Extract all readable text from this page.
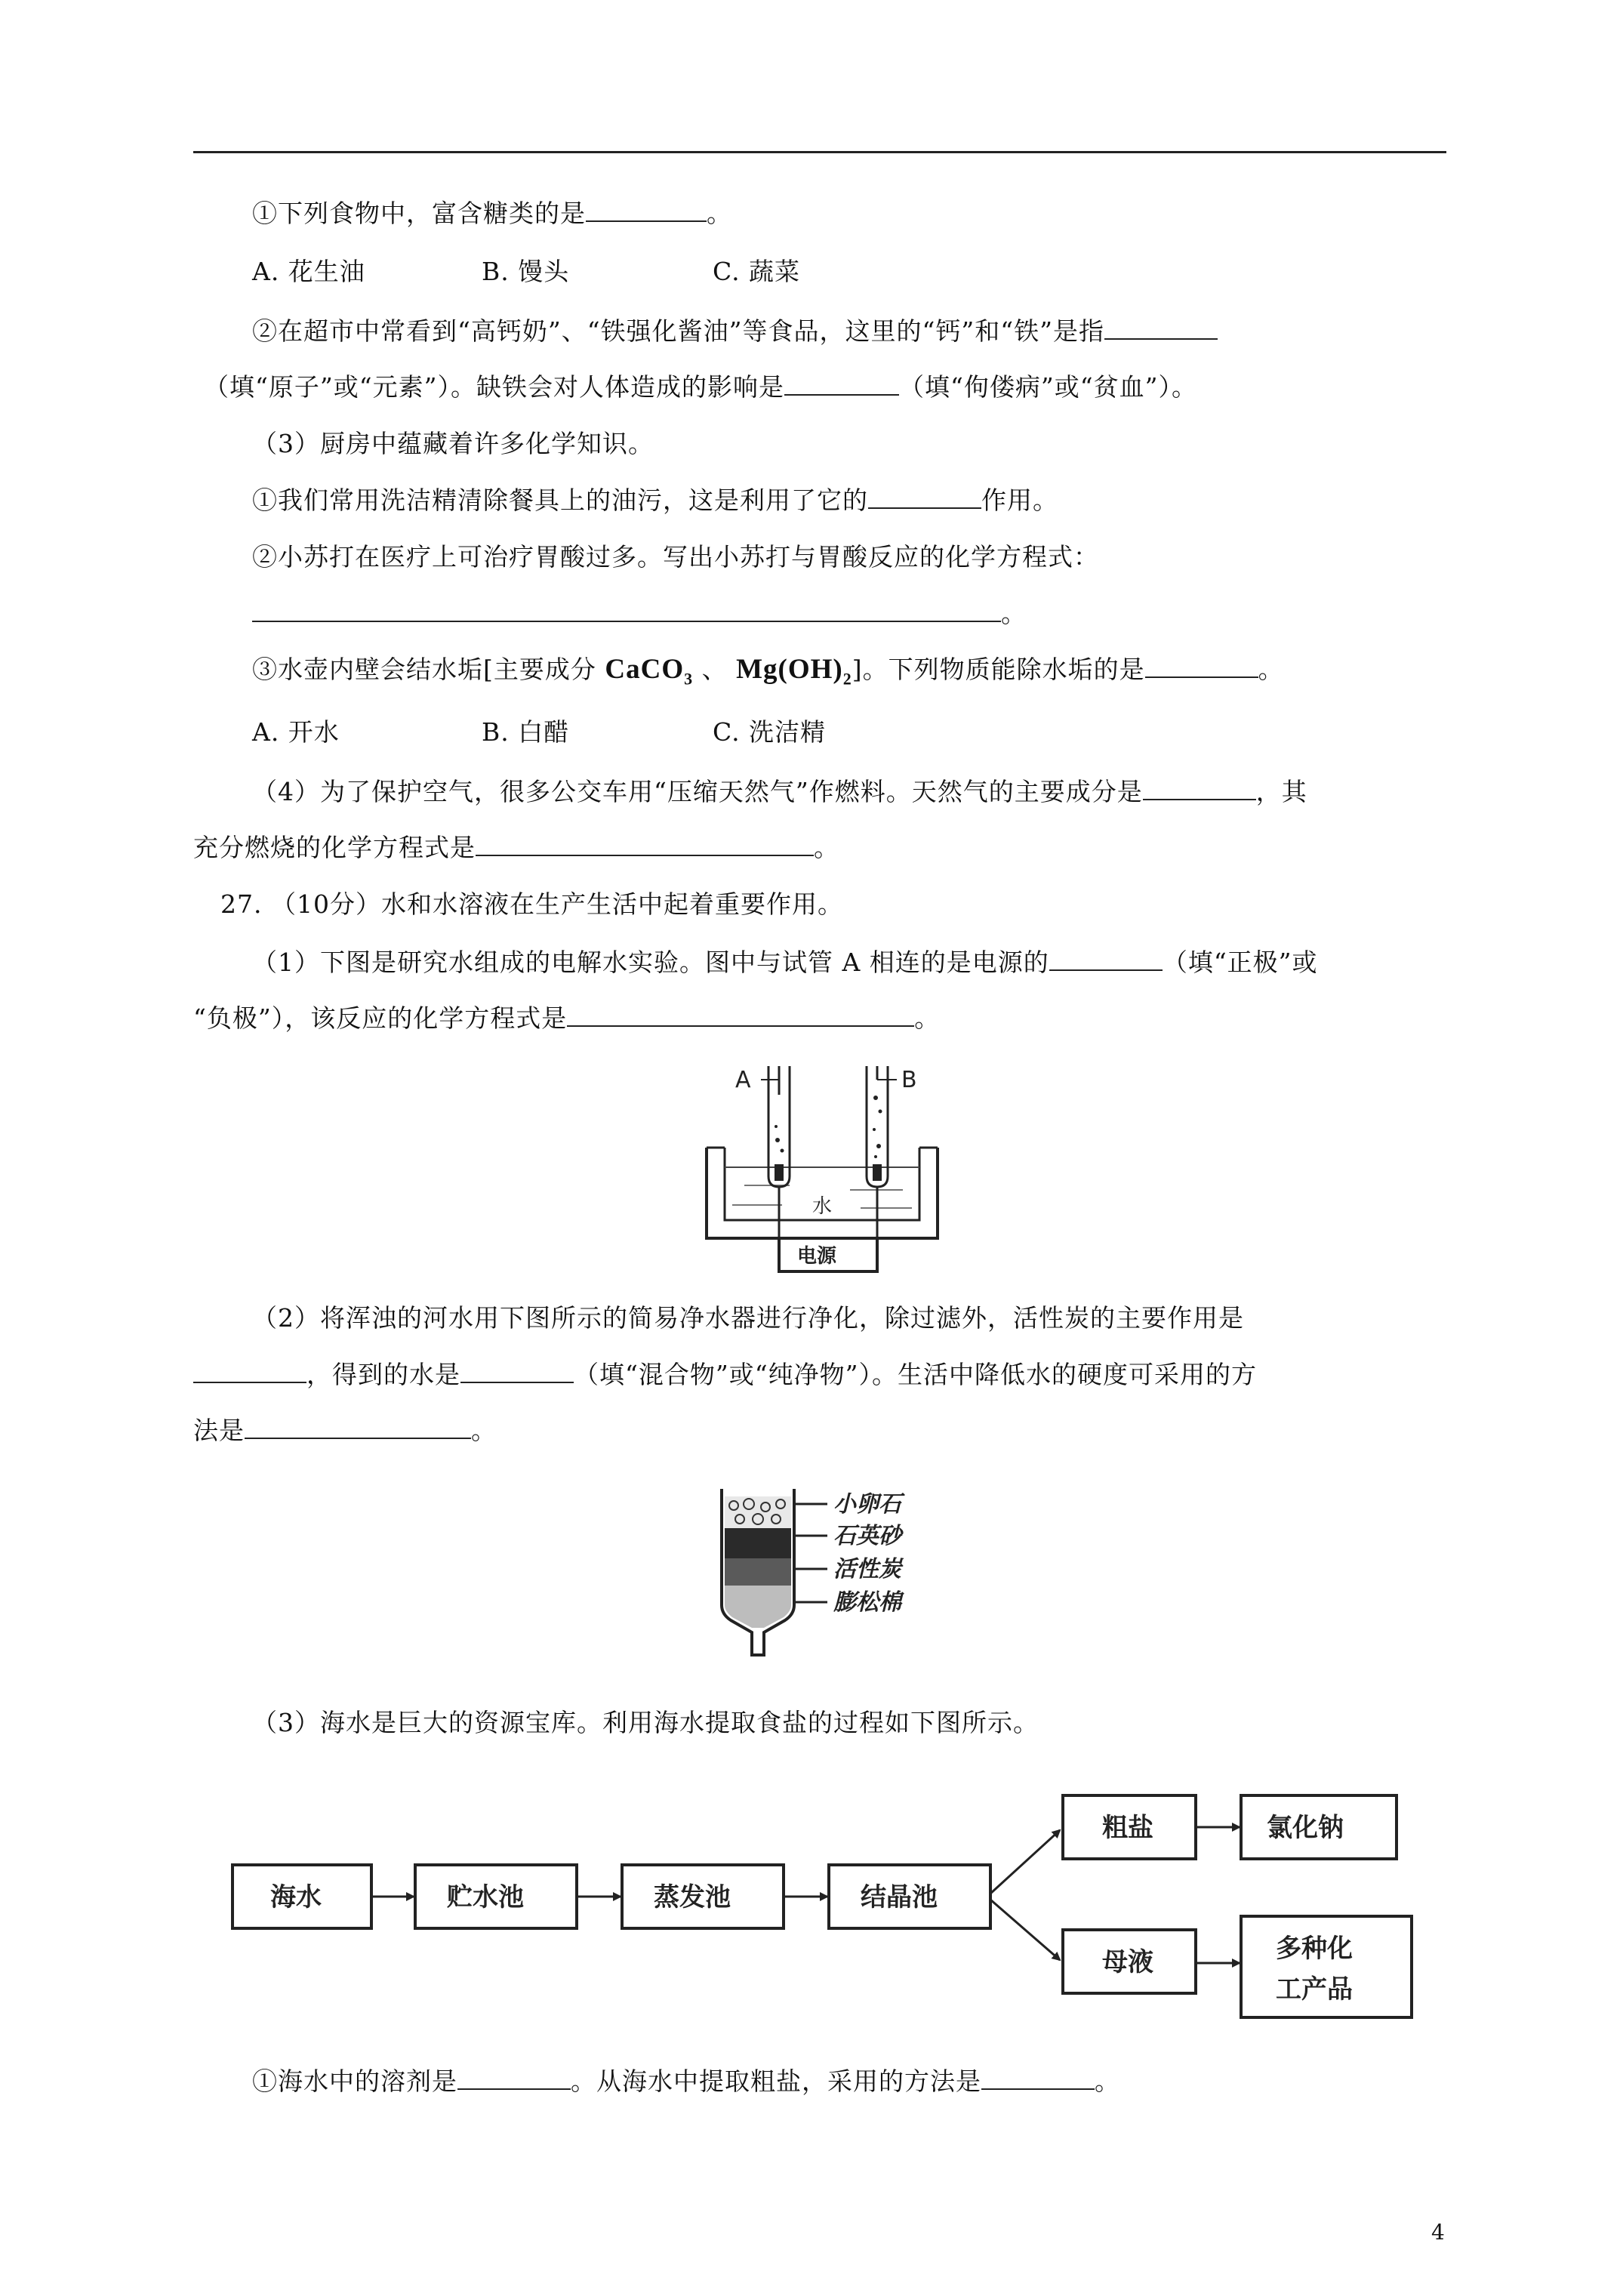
①下列食物中，富含糖类的是	。
A. 花生油	B. 馒头	C. 蔬菜
②在超市中常看到“高钙奶”、“铁强化酱油”等食品，这里的“钙”和“铁”是指
（填“原子”或“元素”）。缺铁会对人体造成的影响是	（填“佝偻病”或“贫血”）。
（3）厨房中蕴藏着许多化学知识。
①我们常用洗洁精清除餐具上的油污，这是利用了它的	作用。
②小苏打在医疗上可治疗胃酸过多。写出小苏打与胃酸反应的化学方程式：
。
③水壶内壁会结水垢[主要成分 CaCO$_3$ 、 $Mg(OH)_2$]。下列物质能除水垢的是	。
A. 开水	B. 白醋	C. 洗洁精
（4）为了保护空气，很多公交车用“压缩天然气”作燃料。天然气的主要成分是	，其
充分燃烧的化学方程式是	。
27. （10分）水和水溶液在生产生活中起着重要作用。
（1）下图是研究水组成的电解水实验。图中与试管 A 相连的是电源的	（填“正极”或
“负极”），该反应的化学方程式是	。
A	B
水
电源
（2）将浑浊的河水用下图所示的简易净水器进行净化，除过滤外，活性炭的主要作用是
，得到的水是	（填“混合物”或“纯净物”）。生活中降低水的硬度可采用的方
法是	。
小卵石
石英砂
活性炭
膨松棉
（3）海水是巨大的资源宝库。利用海水提取食盐的过程如下图所示。
海水	贮水池	蒸发池	结晶池
粗盐	氯化钠
母液	多种化
工产品
①海水中的溶剂是	。从海水中提取粗盐，采用的方法是	。
4
